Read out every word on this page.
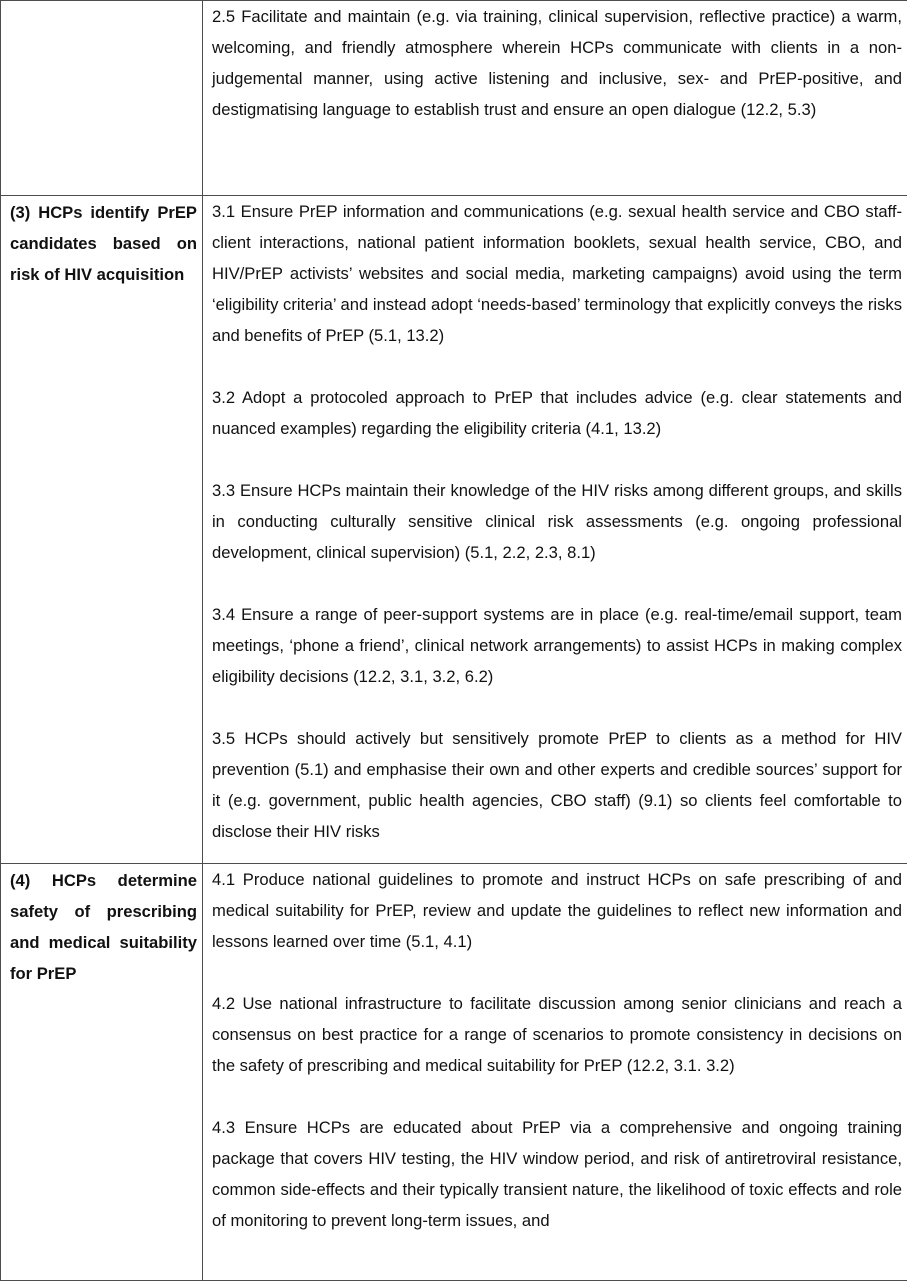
	2.5 Facilitate and maintain (e.g. via training, clinical supervision, reflective practice) a warm, welcoming, and friendly atmosphere wherein HCPs communicate with clients in a non-judgemental manner, using active listening and inclusive, sex- and PrEP-positive, and destigmatising language to establish trust and ensure an open dialogue (12.2, 5.3)

(3) HCPs identify PrEP candidates based on risk of HIV acquisition	3.1 Ensure PrEP information and communications (e.g. sexual health service and CBO staff-client interactions, national patient information booklets, sexual health service, CBO, and HIV/PrEP activists’ websites and social media, marketing campaigns) avoid using the term ‘eligibility criteria’ and instead adopt ‘needs-based’ terminology that explicitly conveys the risks and benefits of PrEP (5.1, 13.2)

3.2 Adopt a protocoled approach to PrEP that includes advice (e.g. clear statements and nuanced examples) regarding the eligibility criteria (4.1, 13.2)

3.3 Ensure HCPs maintain their knowledge of the HIV risks among different groups, and skills in conducting culturally sensitive clinical risk assessments (e.g. ongoing professional development, clinical supervision) (5.1, 2.2, 2.3, 8.1)

3.4 Ensure a range of peer-support systems are in place (e.g. real-time/email support, team meetings, ‘phone a friend’, clinical network arrangements) to assist HCPs in making complex eligibility decisions (12.2, 3.1, 3.2, 6.2)

3.5 HCPs should actively but sensitively promote PrEP to clients as a method for HIV prevention (5.1) and emphasise their own and other experts and credible sources’ support for it (e.g. government, public health agencies, CBO staff) (9.1) so clients feel comfortable to disclose their HIV risks

(4) HCPs determine safety of prescribing and medical suitability for PrEP	4.1 Produce national guidelines to promote and instruct HCPs on safe prescribing of and medical suitability for PrEP, review and update the guidelines to reflect new information and lessons learned over time (5.1, 4.1)

4.2 Use national infrastructure to facilitate discussion among senior clinicians and reach a consensus on best practice for a range of scenarios to promote consistency in decisions on the safety of prescribing and medical suitability for PrEP (12.2, 3.1. 3.2)

4.3 Ensure HCPs are educated about PrEP via a comprehensive and ongoing training package that covers HIV testing, the HIV window period, and risk of antiretroviral resistance, common side-effects and their typically transient nature, the likelihood of toxic effects and role of monitoring to prevent long-term issues, and
